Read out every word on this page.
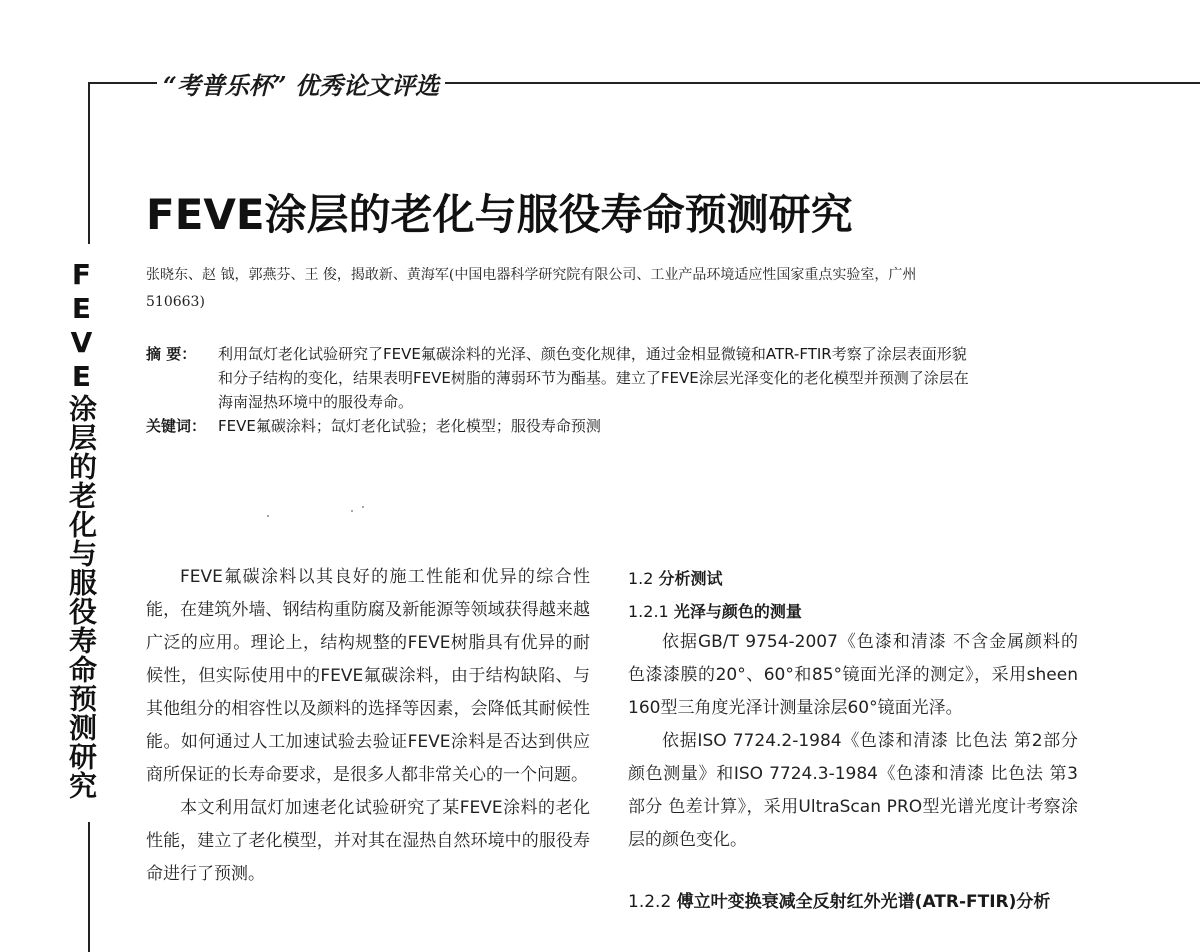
“考普乐杯” 优秀论文评选
FEVE涂层的老化与服役寿命预测研究
FEVE涂层的老化与服役寿命预测研究
张晓东、赵 钺，郭燕芬、王 俊，揭敢新、黄海军(中国电器科学研究院有限公司、工业产品环境适应性国家重点实验室，广州 510663)
摘 要： 利用氙灯老化试验研究了FEVE氟碳涂料的光泽、颜色变化规律，通过金相显微镜和ATR-FTIR考察了涂层表面形貌和分子结构的变化，结果表明FEVE树脂的薄弱环节为酯基。建立了FEVE涂层光泽变化的老化模型并预测了涂层在海南湿热环境中的服役寿命。
关键词： FEVE氟碳涂料；氙灯老化试验；老化模型；服役寿命预测

FEVE氟碳涂料以其良好的施工性能和优异的综合性能，在建筑外墙、钢结构重防腐及新能源等领域获得越来越广泛的应用。理论上，结构规整的FEVE树脂具有优异的耐候性，但实际使用中的FEVE氟碳涂料，由于结构缺陷、与其他组分的相容性以及颜料的选择等因素，会降低其耐候性能。如何通过人工加速试验去验证FEVE涂料是否达到供应商所保证的长寿命要求，是很多人都非常关心的一个问题。

本文利用氙灯加速老化试验研究了某FEVE涂料的老化性能，建立了老化模型，并对其在湿热自然环境中的服役寿命进行了预测。

1.2 分析测试
1.2.1 光泽与颜色的测量

依据GB/T 9754-2007《色漆和清漆 不含金属颜料的色漆漆膜的20°、60°和85°镜面光泽的测定》，采用sheen 160型三角度光泽计测量涂层60°镜面光泽。

依据ISO 7724.2-1984《色漆和清漆 比色法 第2部分 颜色测量》和ISO 7724.3-1984《色漆和清漆 比色法 第3部分 色差计算》，采用UltraScan PRO型光谱光度计考察涂层的颜色变化。

1.2.2 傅立叶变换衰减全反射红外光谱(ATR-FTIR)分析
